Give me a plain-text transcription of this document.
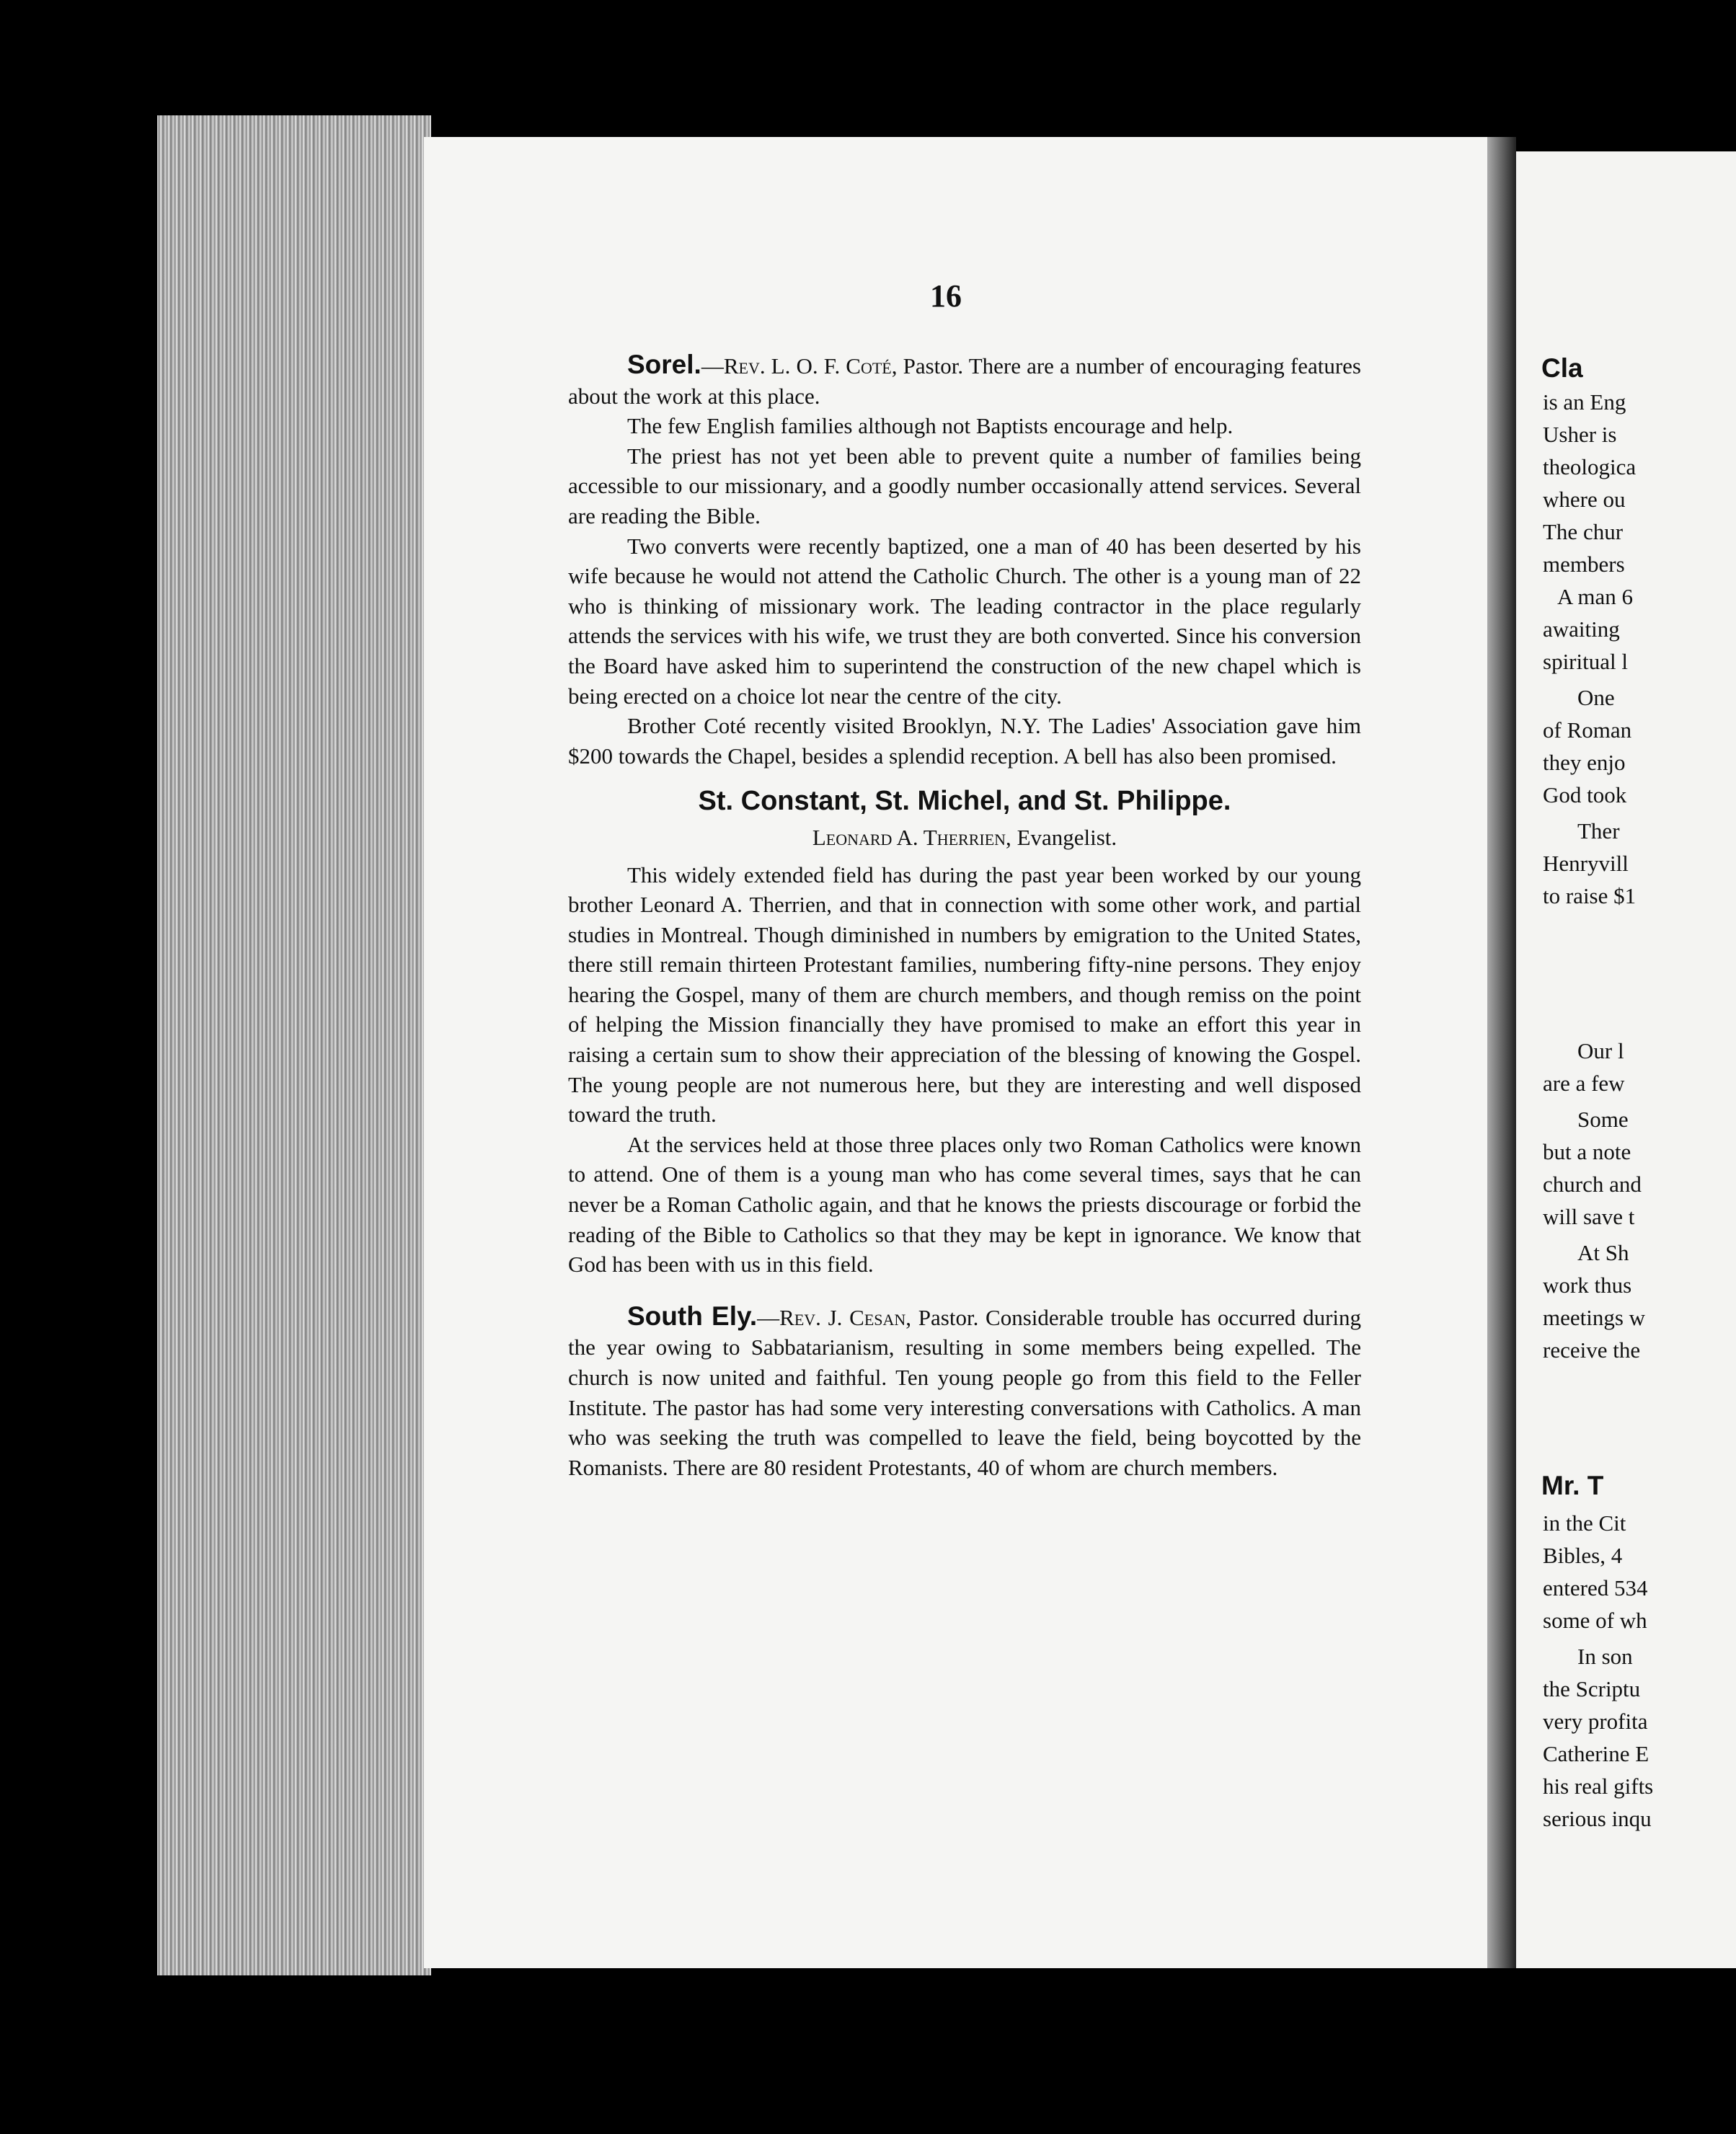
16

Sorel.—Rev. L. O. F. Coté, Pastor. There are a number of encouraging features about the work at this place.

The few English families although not Baptists encourage and help.

The priest has not yet been able to prevent quite a number of families being accessible to our missionary, and a goodly number occasionally attend services. Several are reading the Bible.

Two converts were recently baptized, one a man of 40 has been deserted by his wife because he would not attend the Catholic Church. The other is a young man of 22 who is thinking of missionary work. The leading contractor in the place regularly attends the services with his wife, we trust they are both converted. Since his conversion the Board have asked him to superintend the construction of the new chapel which is being erected on a choice lot near the centre of the city.

Brother Coté recently visited Brooklyn, N.Y. The Ladies' Association gave him $200 towards the Chapel, besides a splendid reception. A bell has also been promised.

St. Constant, St. Michel, and St. Philippe.

Leonard A. Therrien, Evangelist.

This widely extended field has during the past year been worked by our young brother Leonard A. Therrien, and that in connection with some other work, and partial studies in Montreal. Though diminished in numbers by emigration to the United States, there still remain thirteen Protestant families, numbering fifty-nine persons. They enjoy hearing the Gospel, many of them are church members, and though remiss on the point of helping the Mission financially they have promised to make an effort this year in raising a certain sum to show their appreciation of the blessing of knowing the Gospel. The young people are not numerous here, but they are interesting and well disposed toward the truth.

At the services held at those three places only two Roman Catholics were known to attend. One of them is a young man who has come several times, says that he can never be a Roman Catholic again, and that he knows the priests discourage or forbid the reading of the Bible to Catholics so that they may be kept in ignorance. We know that God has been with us in this field.

South Ely.—Rev. J. Cesan, Pastor. Considerable trouble has occurred during the year owing to Sabbatarianism, resulting in some members being expelled. The church is now united and faithful. Ten young people go from this field to the Feller Institute. The pastor has had some very interesting conversations with Catholics. A man who was seeking the truth was compelled to leave the field, being boycotted by the Romanists. There are 80 resident Protestants, 40 of whom are church members.

Cla
Mr. T
is an Eng
Usher is
theologica
where ou
The chur
members
A man 6
awaiting
spiritual l
One
of Roman
they enjo
God took
Ther
Henryvill
to raise $1
Our l
are a few
Some
but a note
church and
will save t
At Sh
work thus
meetings w
receive the
in the Cit
Bibles, 4
entered 534
some of wh
In son
the Scriptu
very profita
Catherine E
his real gifts
serious inqu
